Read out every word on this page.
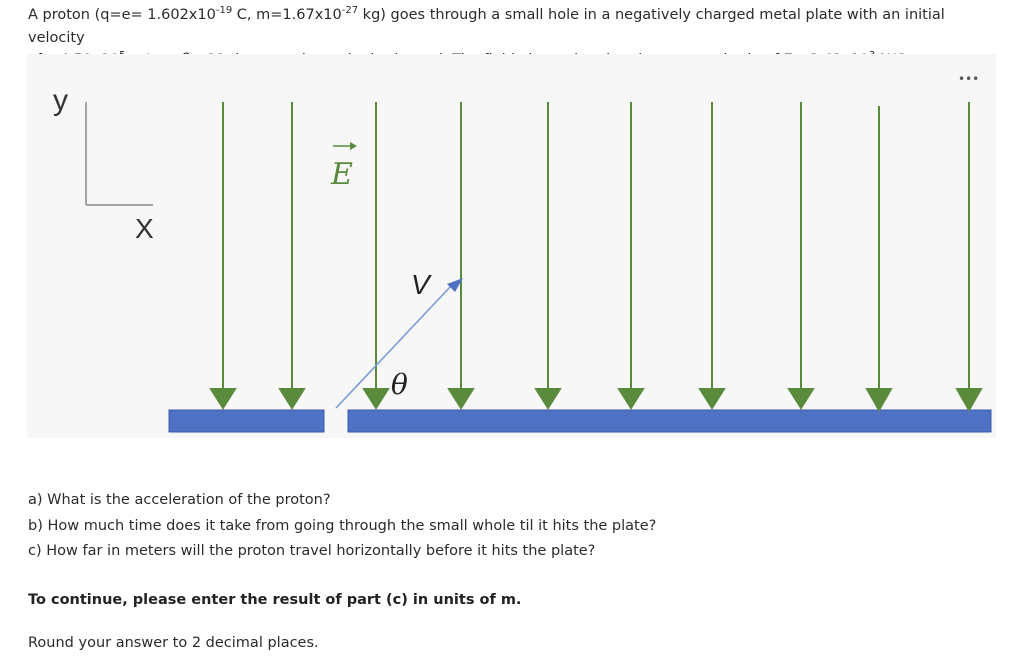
A proton ($q=e= 1.602x10^{-19}$ C, $m=1.67x10^{-27}$ kg) goes through a small hole in a negatively charged metal plate with an initial velocity

y
X
E
V
θ
•••
a) What is the acceleration of the proton?
b) How much time does it take from going through the small whole til it hits the plate?
c) How far in meters will the proton travel horizontally before it hits the plate?
To continue, please enter the result of part (c) in units of m.
Round your answer to 2 decimal places.
